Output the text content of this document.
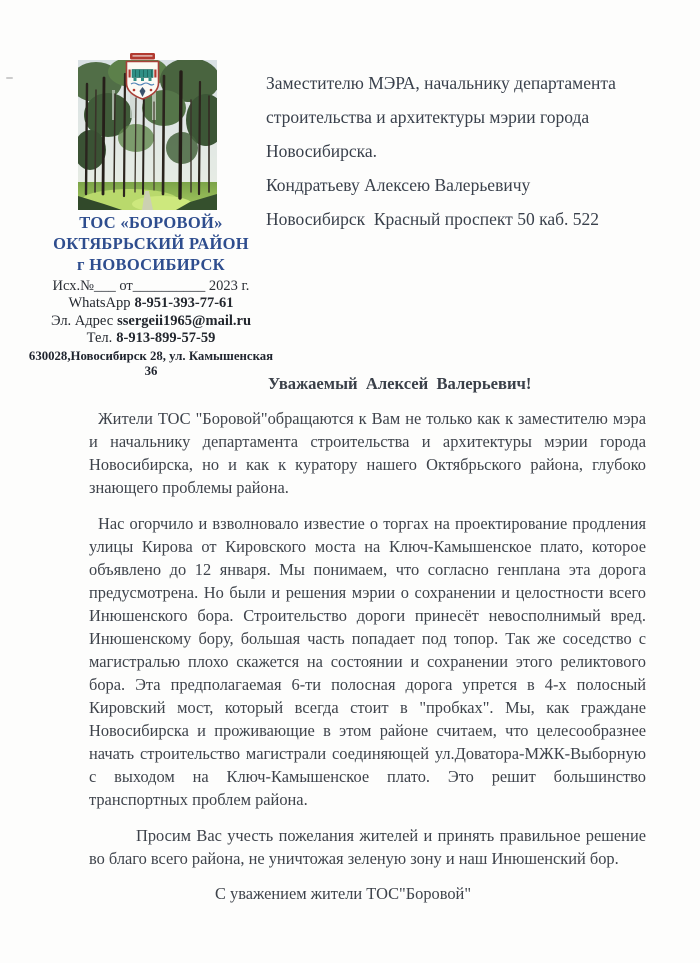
ТОС «БОРОВОЙ»
ОКТЯБРЬСКИЙ РАЙОН
г НОВОСИБИРСК
Исх.№___ от__________ 2023 г.
WhatsApp 8-951-393-77-61
Эл. Адрес ssergeii1965@mail.ru
Тел. 8-913-899-57-59
630028,Новосибирск 28, ул. Камышенская 36
Заместителю МЭРА, начальнику департамента
строительства и архитектуры мэрии города
Новосибирска.
Кондратьеву Алексею Валерьевичу
Новосибирск  Красный проспект 50 каб. 522
Уважаемый  Алексей  Валерьевич!

Жители ТОС "Боровой"обращаются к Вам не только как к заместителю мэра и начальнику департамента строительства и архитектуры мэрии города Новосибирска, но и как к куратору нашего Октябрьского района, глубоко знающего проблемы района.

Нас огорчило и взволновало известие о торгах на проектирование продления улицы Кирова от Кировского моста на Ключ-Камышенское плато, которое объявлено до 12 января. Мы понимаем, что согласно генплана эта дорога предусмотрена. Но были и решения мэрии о сохранении и целостности всего Инюшенского бора. Строительство дороги принесёт невосполнимый вред. Инюшенскому бору, большая часть попадает под топор. Так же соседство с магистралью плохо скажется на состоянии и сохранении этого реликтового бора. Эта предполагаемая 6-ти полосная дорога упрется в 4-х полосный Кировский мост, который всегда стоит в "пробках". Мы, как граждане Новосибирска и проживающие в этом районе считаем, что целесообразнее начать строительство магистрали соединяющей ул.Доватора-МЖК-Выборную с выходом на Ключ-Камышенское плато. Это решит большинство транспортных проблем района.

Просим Вас учесть пожелания жителей и принять правильное решение во благо всего района, не уничтожая зеленую зону и наш Инюшенский бор.

С уважением жители ТОС"Боровой"
